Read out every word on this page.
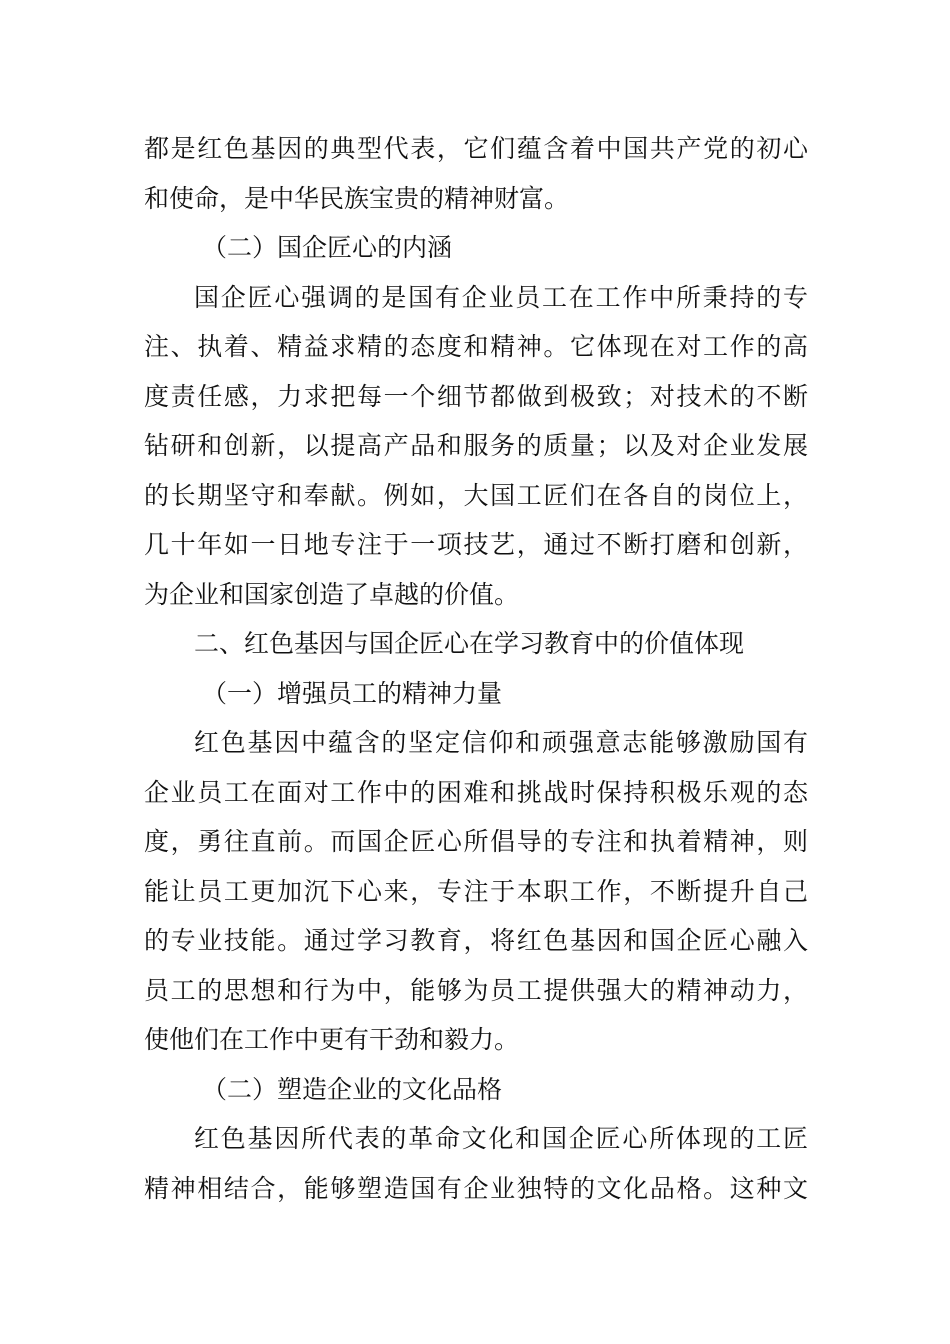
都是红色基因的典型代表，它们蕴含着中国共产党的初心
和使命，是中华民族宝贵的精神财富。
（二）国企匠心的内涵
国企匠心强调的是国有企业员工在工作中所秉持的专
注、执着、精益求精的态度和精神。它体现在对工作的高
度责任感，力求把每一个细节都做到极致；对技术的不断
钻研和创新，以提高产品和服务的质量；以及对企业发展
的长期坚守和奉献。例如，大国工匠们在各自的岗位上，
几十年如一日地专注于一项技艺，通过不断打磨和创新，
为企业和国家创造了卓越的价值。
二、红色基因与国企匠心在学习教育中的价值体现
（一）增强员工的精神力量
红色基因中蕴含的坚定信仰和顽强意志能够激励国有
企业员工在面对工作中的困难和挑战时保持积极乐观的态
度，勇往直前。而国企匠心所倡导的专注和执着精神，则
能让员工更加沉下心来，专注于本职工作，不断提升自己
的专业技能。通过学习教育，将红色基因和国企匠心融入
员工的思想和行为中，能够为员工提供强大的精神动力，
使他们在工作中更有干劲和毅力。
（二）塑造企业的文化品格
红色基因所代表的革命文化和国企匠心所体现的工匠
精神相结合，能够塑造国有企业独特的文化品格。这种文
